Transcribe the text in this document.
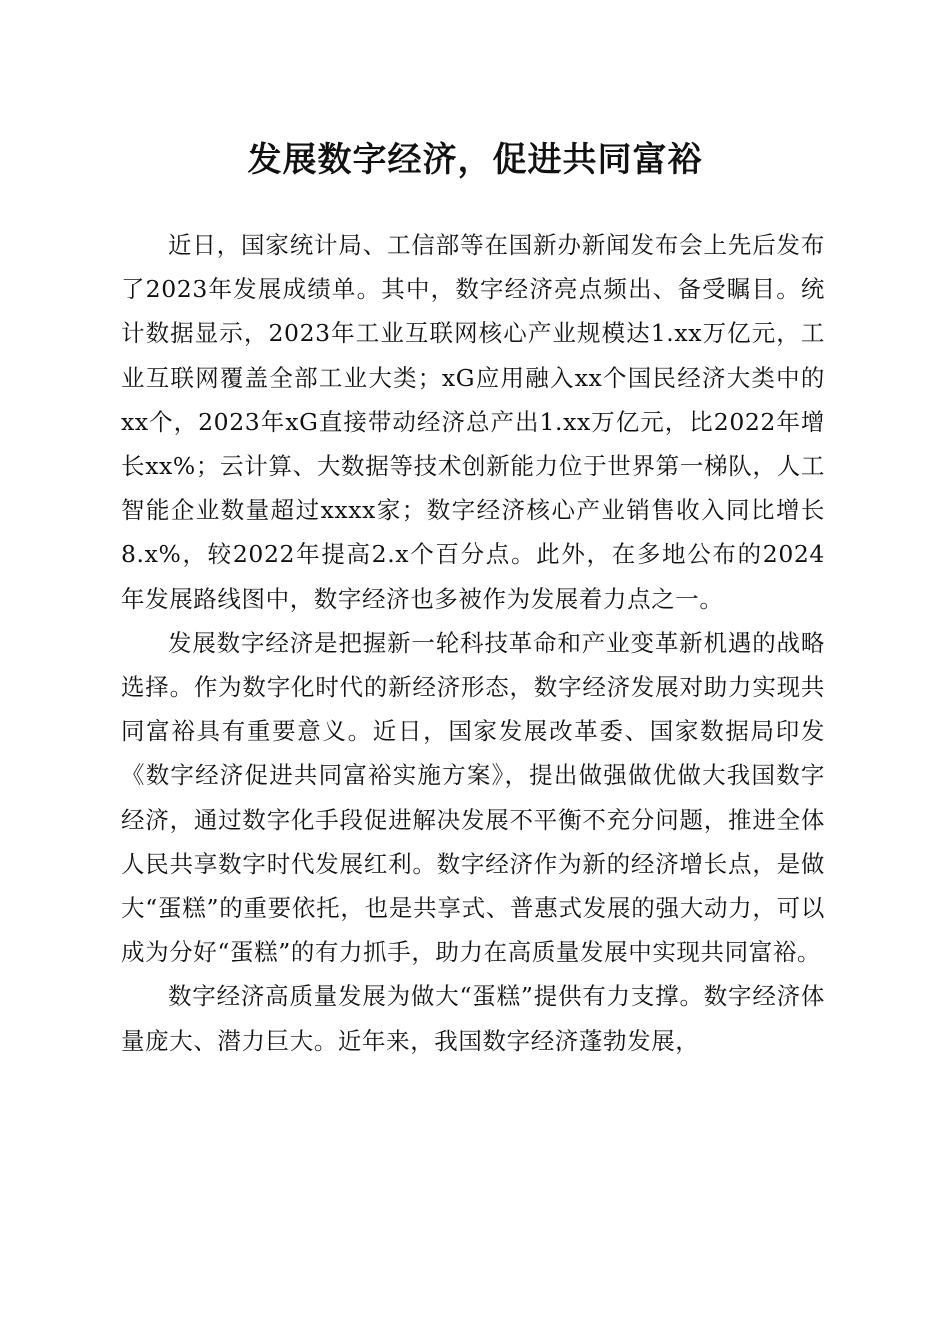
发展数字经济，促进共同富裕

近日，国家统计局、工信部等在国新办新闻发布会上先后发布了2023年发展成绩单。其中，数字经济亮点频出、备受瞩目。统计数据显示，2023年工业互联网核心产业规模达1.xx万亿元，工业互联网覆盖全部工业大类；xG应用融入xx个国民经济大类中的xx个，2023年xG直接带动经济总产出1.xx万亿元，比2022年增长xx%；云计算、大数据等技术创新能力位于世界第一梯队，人工智能企业数量超过xxxx家；数字经济核心产业销售收入同比增长8.x%，较2022年提高2.x个百分点。此外，在多地公布的2024年发展路线图中，数字经济也多被作为发展着力点之一。

发展数字经济是把握新一轮科技革命和产业变革新机遇的战略选择。作为数字化时代的新经济形态，数字经济发展对助力实现共同富裕具有重要意义。近日，国家发展改革委、国家数据局印发《数字经济促进共同富裕实施方案》，提出做强做优做大我国数字经济，通过数字化手段促进解决发展不平衡不充分问题，推进全体人民共享数字时代发展红利。数字经济作为新的经济增长点，是做大“蛋糕”的重要依托，也是共享式、普惠式发展的强大动力，可以成为分好“蛋糕”的有力抓手，助力在高质量发展中实现共同富裕。

数字经济高质量发展为做大“蛋糕”提供有力支撑。数字经济体量庞大、潜力巨大。近年来，我国数字经济蓬勃发展，
